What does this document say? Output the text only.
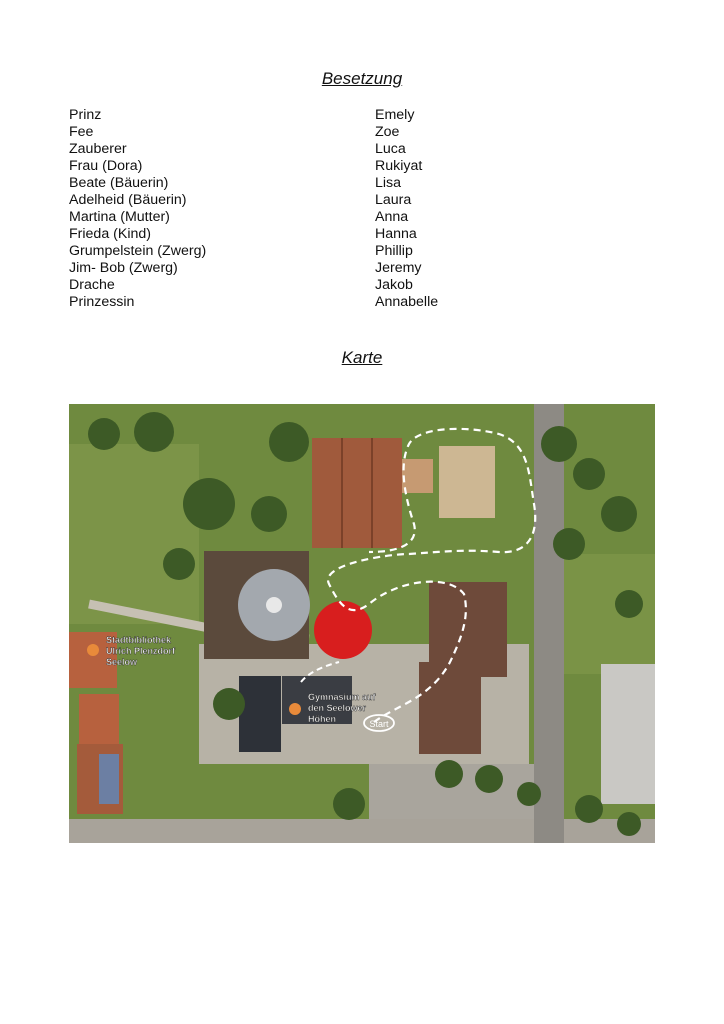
Besetzung
Prinz
Fee
Zauberer
Frau (Dora)
Beate (Bäuerin)
Adelheid (Bäuerin)
Martina (Mutter)
Frieda (Kind)
Grumpelstein (Zwerg)
Jim- Bob (Zwerg)
Drache
Prinzessin
Emely
Zoe
Luca
Rukiyat
Lisa
Laura
Anna
Hanna
Phillip
Jeremy
Jakob
Annabelle
Karte
Start
Stadtbibliothek
Ulrich Plenzdorf
Seelow
Gymnasium auf
den Seelower
Höhen
